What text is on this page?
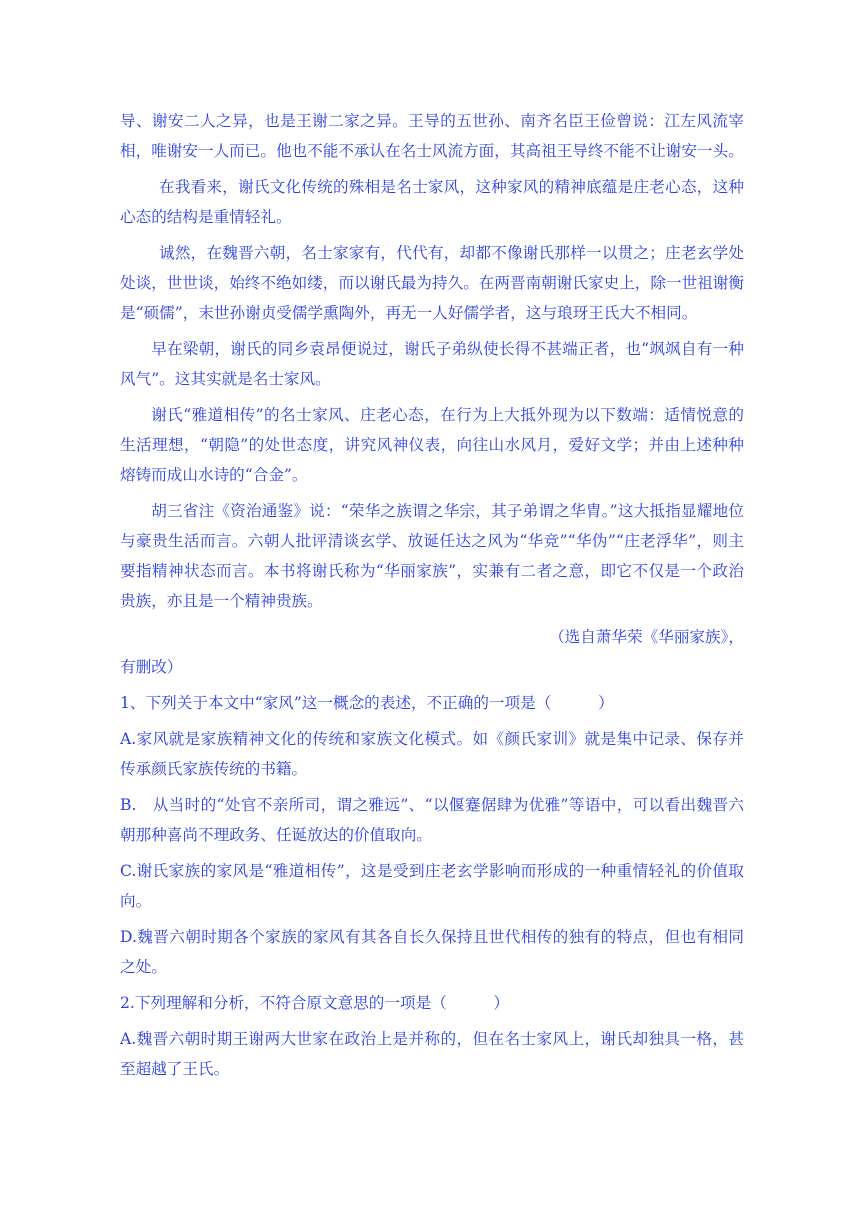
导、谢安二人之异，也是王谢二家之异。王导的五世孙、南齐名臣王俭曾说：江左风流宰相，唯谢安一人而已。他也不能不承认在名士风流方面，其高祖王导终不能不让谢安一头。

在我看来，谢氏文化传统的殊相是名士家风，这种家风的精神底蕴是庄老心态，这种心态的结构是重情轻礼。

诚然，在魏晋六朝，名士家家有，代代有，却都不像谢氏那样一以贯之；庄老玄学处处谈，世世谈，始终不绝如缕，而以谢氏最为持久。在两晋南朝谢氏家史上，除一世祖谢衡是“硕儒”，末世孙谢贞受儒学熏陶外，再无一人好儒学者，这与琅玡王氏大不相同。

早在梁朝，谢氏的同乡袁昂便说过，谢氏子弟纵使长得不甚端正者，也“飒飒自有一种风气”。这其实就是名士家风。

谢氏“雅道相传”的名士家风、庄老心态，在行为上大抵外现为以下数端：适情悦意的生活理想，“朝隐”的处世态度，讲究风神仪表，向往山水风月，爱好文学；并由上述种种熔铸而成山水诗的“合金”。

胡三省注《资治通鉴》说：“荣华之族谓之华宗，其子弟谓之华胄。”这大抵指显耀地位与豪贵生活而言。六朝人批评清谈玄学、放诞任达之风为“华竞”“华伪”“庄老浮华”，则主要指精神状态而言。本书将谢氏称为“华丽家族”，实兼有二者之意，即它不仅是一个政治贵族，亦且是一个精神贵族。

（选自萧华荣《华丽家族》，

有删改）

1、下列关于本文中“家风”这一概念的表述，不正确的一项是（　　　）

A.家风就是家族精神文化的传统和家族文化模式。如《颜氏家训》就是集中记录、保存并传承颜氏家族传统的书籍。

B.　从当时的“处官不亲所司，谓之雅远”、“以偃蹇倨肆为优雅”等语中，可以看出魏晋六朝那种喜尚不理政务、任诞放达的价值取向。

C.谢氏家族的家风是“雅道相传”，这是受到庄老玄学影响而形成的一种重情轻礼的价值取向。

D.魏晋六朝时期各个家族的家风有其各自长久保持且世代相传的独有的特点，但也有相同之处。

2.下列理解和分析，不符合原文意思的一项是（　　　）

A.魏晋六朝时期王谢两大世家在政治上是并称的，但在名士家风上，谢氏却独具一格，甚至超越了王氏。
